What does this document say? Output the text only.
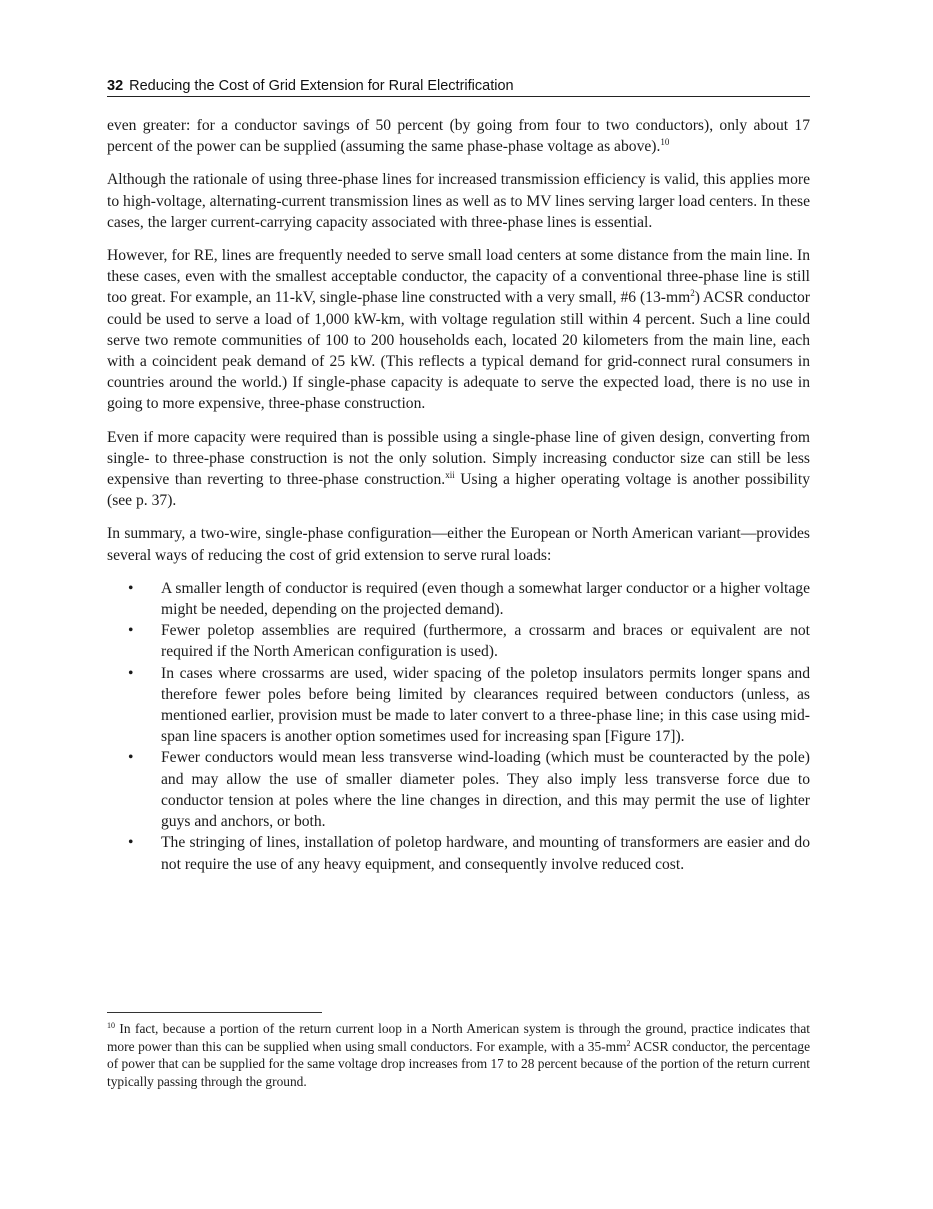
32 Reducing the Cost of Grid Extension for Rural Electrification

even greater: for a conductor savings of 50 percent (by going from four to two conductors), only about 17 percent of the power can be supplied (assuming the same phase-phase voltage as above).$^{10}$

Although the rationale of using three-phase lines for increased transmission efficiency is valid, this applies more to high-voltage, alternating-current transmission lines as well as to MV lines serving larger load centers. In these cases, the larger current-carrying capacity associated with three-phase lines is essential.

However, for RE, lines are frequently needed to serve small load centers at some distance from the main line. In these cases, even with the smallest acceptable conductor, the capacity of a conventional three-phase line is still too great. For example, an 11-kV, single-phase line constructed with a very small, #6 $(13-mm^2)$ ACSR conductor could be used to serve a load of 1,000 kW-km, with voltage regulation still within 4 percent. Such a line could serve two remote communities of 100 to 200 households each, located 20 kilometers from the main line, each with a coincident peak demand of 25 kW. (This reflects a typical demand for grid-connect rural consumers in countries around the world.) If single-phase capacity is adequate to serve the expected load, there is no use in going to more expensive, three-phase construction.

Even if more capacity were required than is possible using a single-phase line of given design, converting from single- to three-phase construction is not the only solution. Simply increasing conductor size can still be less expensive than reverting to three-phase construction.$^{xii}$ Using a higher operating voltage is another possibility (see p. 37).

In summary, a two-wire, single-phase configuration—either the European or North American variant—provides several ways of reducing the cost of grid extension to serve rural loads:

• A smaller length of conductor is required (even though a somewhat larger conductor or a higher voltage might be needed, depending on the projected demand).
• Fewer poletop assemblies are required (furthermore, a crossarm and braces or equivalent are not required if the North American configuration is used).
• In cases where crossarms are used, wider spacing of the poletop insulators permits longer spans and therefore fewer poles before being limited by clearances required between conductors (unless, as mentioned earlier, provision must be made to later convert to a three-phase line; in this case using mid-span line spacers is another option sometimes used for increasing span [Figure 17]).
• Fewer conductors would mean less transverse wind-loading (which must be counteracted by the pole) and may allow the use of smaller diameter poles. They also imply less transverse force due to conductor tension at poles where the line changes in direction, and this may permit the use of lighter guys and anchors, or both.
• The stringing of lines, installation of poletop hardware, and mounting of transformers are easier and do not require the use of any heavy equipment, and consequently involve reduced cost.
$^{10}$ In fact, because a portion of the return current loop in a North American system is through the ground, practice indicates that more power than this can be supplied when using small conductors. For example, with a $35-mm^2$ ACSR conductor, the percentage of power that can be supplied for the same voltage drop increases from 17 to 28 percent because of the portion of the return current typically passing through the ground.
